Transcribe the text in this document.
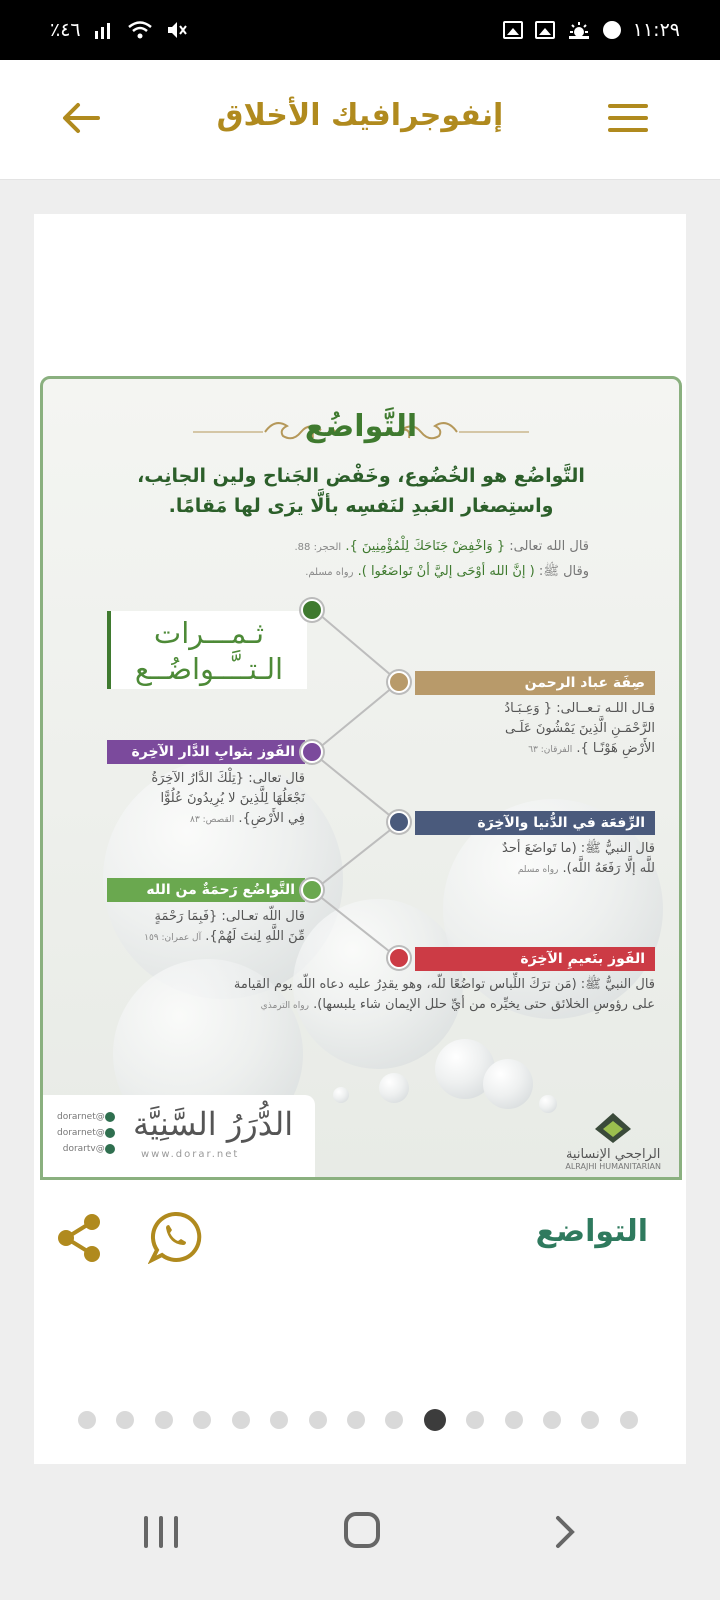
٪٤٦	١١:٢٩
إنفوجرافيك الأخلاق
التَّواضُع
التَّواضُع هو الخُضُوع، وخَفْض الجَناح ولين الجانِب،
واستِصغار العَبدِ لنَفسِه بألَّا يرَى لها مَقامًا.
قال الله تعالى: { وَاخْفِضْ جَنَاحَكَ لِلْمُؤْمِنِينَ }. الحجر: 88.
وقال ﷺ: ( إنَّ الله أوْحَى إليَّ أنْ تَواضَعُوا ). رواه مسلم.
ثـمـــرات
الـتــَّــواضُــع	صِفَة عباد الرحمن
قـال اللـه تـعــالى: { وَعِـبَـادُ
الرَّحْمَـنِ الَّذِينَ يَمْشُونَ عَلَـى
الأَرْضِ هَوْنًـا }. الفرقان: ٦٣
الفَوز بثوابِ الدَّار الآخِرة
قال تعالى: {تِلْكَ الدَّارُ الآخِرَةُ
نَجْعَلُهَا لِلَّذِينَ لا يُرِيدُونَ عُلُوًّا
فِي الأَرْضِ}. القصص: ٨٣	الرِّفعَة في الدُّنيا والآخِرَة
قال النبيُّ ﷺ: (ما تَواضَعَ أحدٌ
للَّه إلَّا رَفَعَهُ اللَّه). رواه مسلم
التَّواضُع رَحمَةٌ من الله
قال اللّه تعـالى: {فَبِمَا رَحْمَةٍ
مِّنَ اللَّهِ لِنتَ لَهُمْ}. آل عمران: ١٥٩
الفَوز بنَعيمِ الآخِرَة
قال النبيُّ ﷺ: (مَن ترَكَ اللِّباس تواضُعًا للّه، وهو يقدِرُ عليه دعاه اللّه يوم القيامة
على رؤوسِ الخلائق حتى يخيِّره من أيِّ حلل الإيمان شاء يلبسها). رواه الترمذي
@dorarnet
@dorarnet
@dorartv
الدُّرَرُ السَّنِيَّة
www.dorar.net	الراجحي الإنسانية
ALRAJHI HUMANITARIAN
التواضع
